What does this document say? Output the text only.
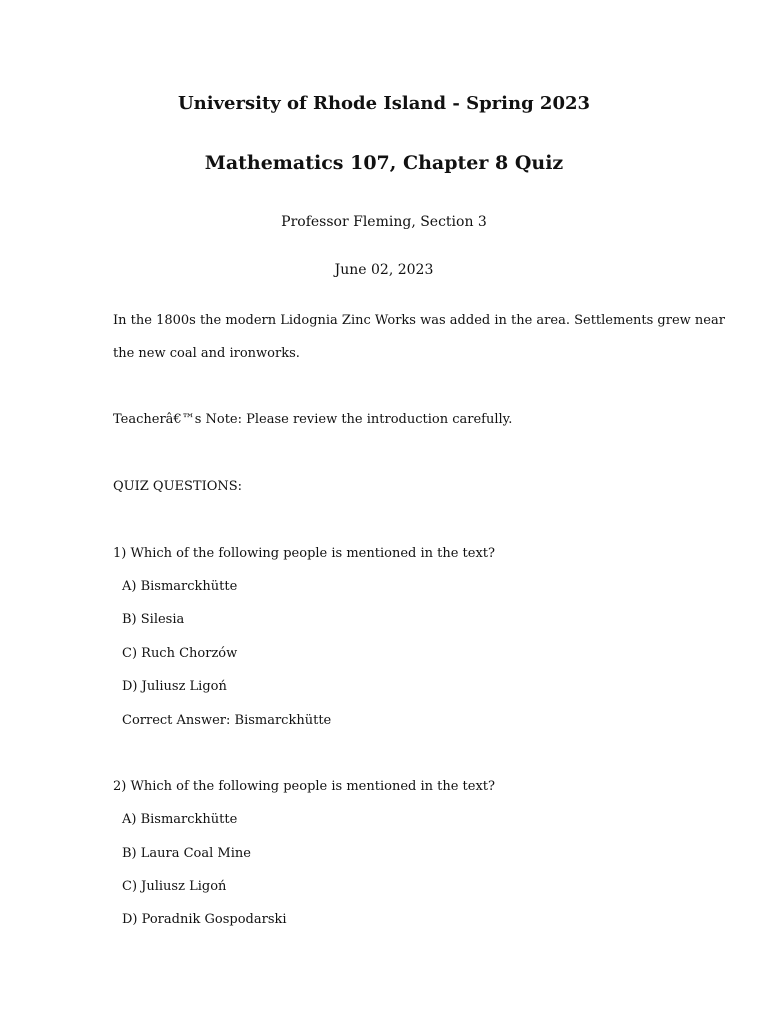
University of Rhode Island - Spring 2023
Mathematics 107, Chapter 8 Quiz
Professor Fleming, Section 3
June 02, 2023
In the 1800s the modern Lidognia Zinc Works was added in the area. Settlements grew near
the new coal and ironworks.
Teacherâ€™s Note: Please review the introduction carefully.
QUIZ QUESTIONS:
1) Which of the following people is mentioned in the text?
A) Bismarckhütte
B) Silesia
C) Ruch Chorzów
D) Juliusz Ligoń
Correct Answer: Bismarckhütte
2) Which of the following people is mentioned in the text?
A) Bismarckhütte
B) Laura Coal Mine
C) Juliusz Ligoń
D) Poradnik Gospodarski
